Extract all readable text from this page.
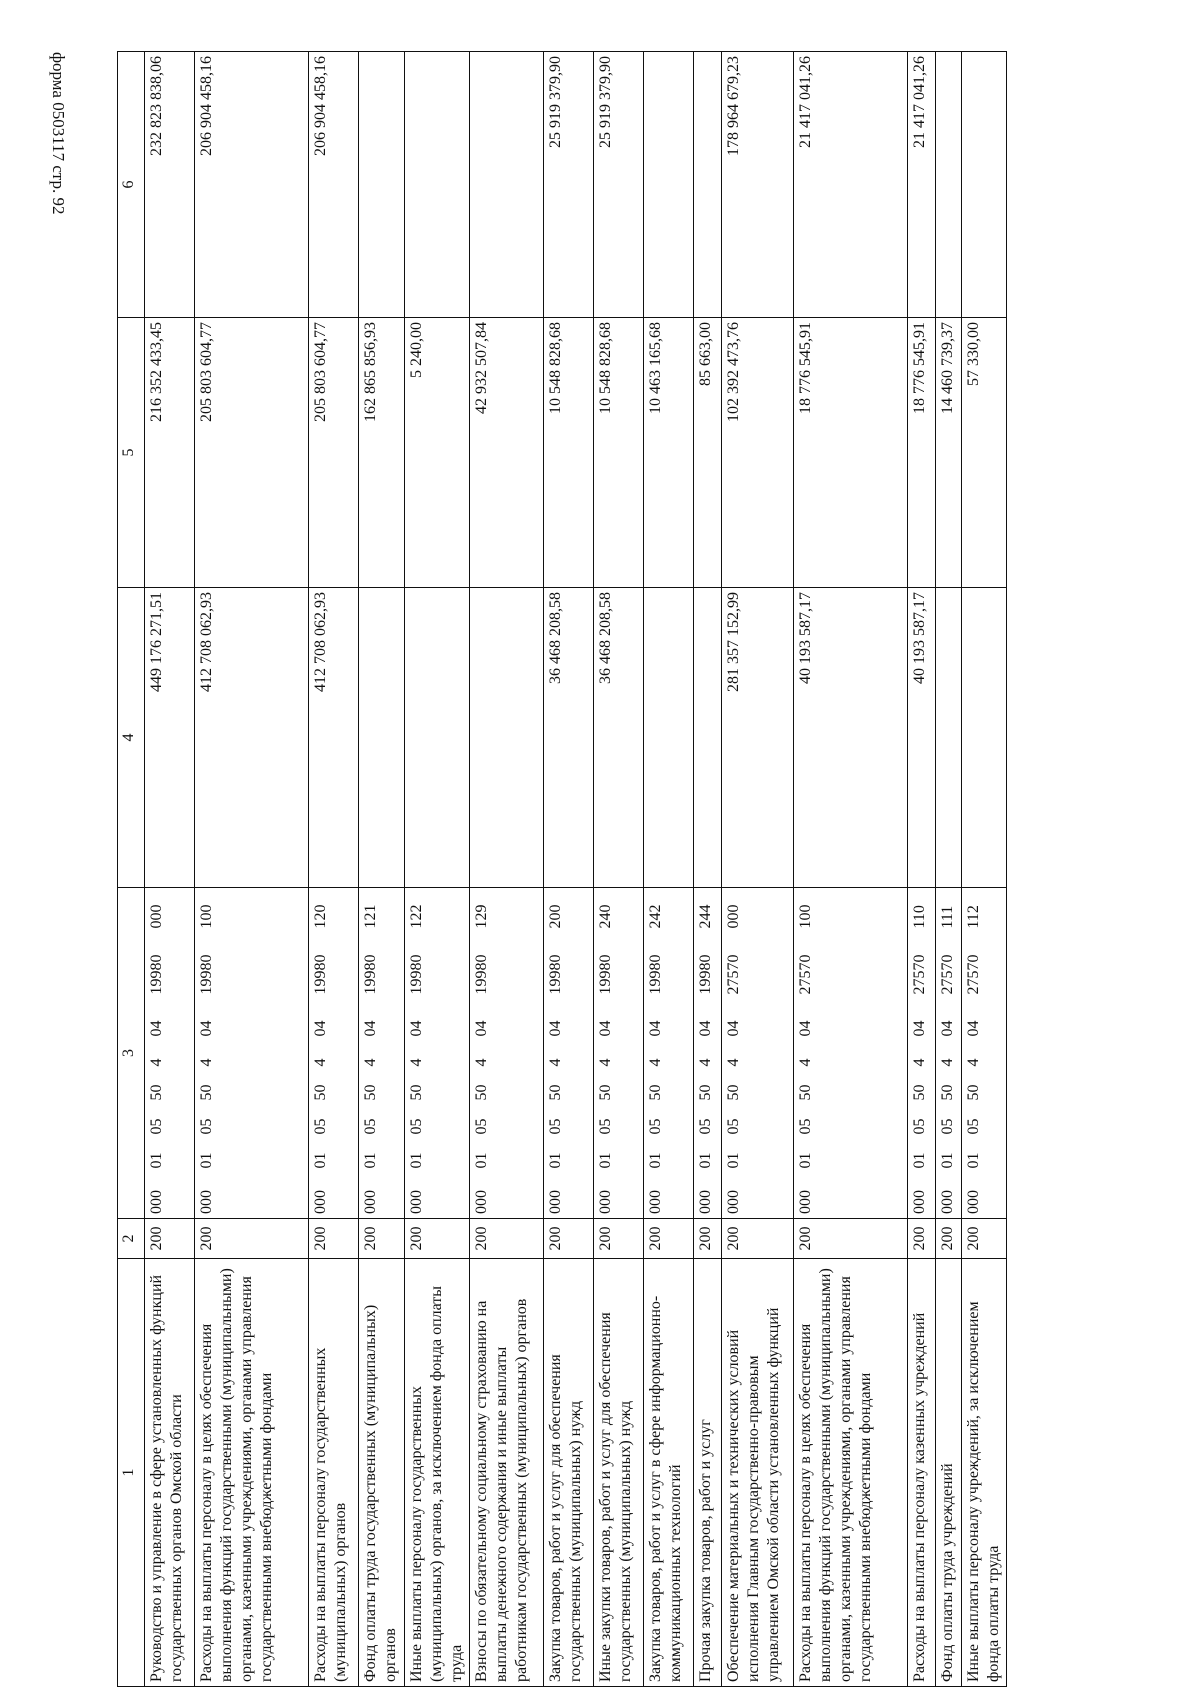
форма 0503117 стр. 92
1	2	3								4	5	6
Руководство и управление в сфере установленных функций государственных органов Омской области	200	000	01	05	50	4	04	19980	000	449 176 271,51	216 352 433,45	232 823 838,06
Расходы на выплаты персоналу в целях обеспечения выполнения функций государственными (муниципальными) органами, казенными учреждениями, органами управления государственными внебюджетными фондами	200	000	01	05	50	4	04	19980	100	412 708 062,93	205 803 604,77	206 904 458,16
Расходы на выплаты персоналу государственных (муниципальных) органов	200	000	01	05	50	4	04	19980	120	412 708 062,93	205 803 604,77	206 904 458,16
Фонд оплаты труда государственных (муниципальных) органов	200	000	01	05	50	4	04	19980	121		162 865 856,93	
Иные выплаты персоналу государственных (муниципальных) органов, за исключением фонда оплаты труда	200	000	01	05	50	4	04	19980	122		5 240,00	
Взносы по обязательному социальному страхованию на выплаты денежного содержания и иные выплаты работникам государственных (муниципальных) органов	200	000	01	05	50	4	04	19980	129		42 932 507,84	
Закупка товаров, работ и услуг для обеспечения государственных (муниципальных) нужд	200	000	01	05	50	4	04	19980	200	36 468 208,58	10 548 828,68	25 919 379,90
Иные закупки товаров, работ и услуг для обеспечения государственных (муниципальных) нужд	200	000	01	05	50	4	04	19980	240	36 468 208,58	10 548 828,68	25 919 379,90
Закупка товаров, работ и услуг в сфере информационно-коммуникационных технологий	200	000	01	05	50	4	04	19980	242		10 463 165,68	
Прочая закупка товаров, работ и услуг	200	000	01	05	50	4	04	19980	244		85 663,00	
Обеспечение материальных и технических условий исполнения Главным государственно-правовым управлением Омской области установленных функций	200	000	01	05	50	4	04	27570	000	281 357 152,99	102 392 473,76	178 964 679,23
Расходы на выплаты персоналу в целях обеспечения выполнения функций государственными (муниципальными) органами, казенными учреждениями, органами управления государственными внебюджетными фондами	200	000	01	05	50	4	04	27570	100	40 193 587,17	18 776 545,91	21 417 041,26
Расходы на выплаты персоналу казенных учреждений	200	000	01	05	50	4	04	27570	110	40 193 587,17	18 776 545,91	21 417 041,26
Фонд оплаты труда учреждений	200	000	01	05	50	4	04	27570	111		14 460 739,37	
Иные выплаты персоналу учреждений, за исключением фонда оплаты труда	200	000	01	05	50	4	04	27570	112		57 330,00	
